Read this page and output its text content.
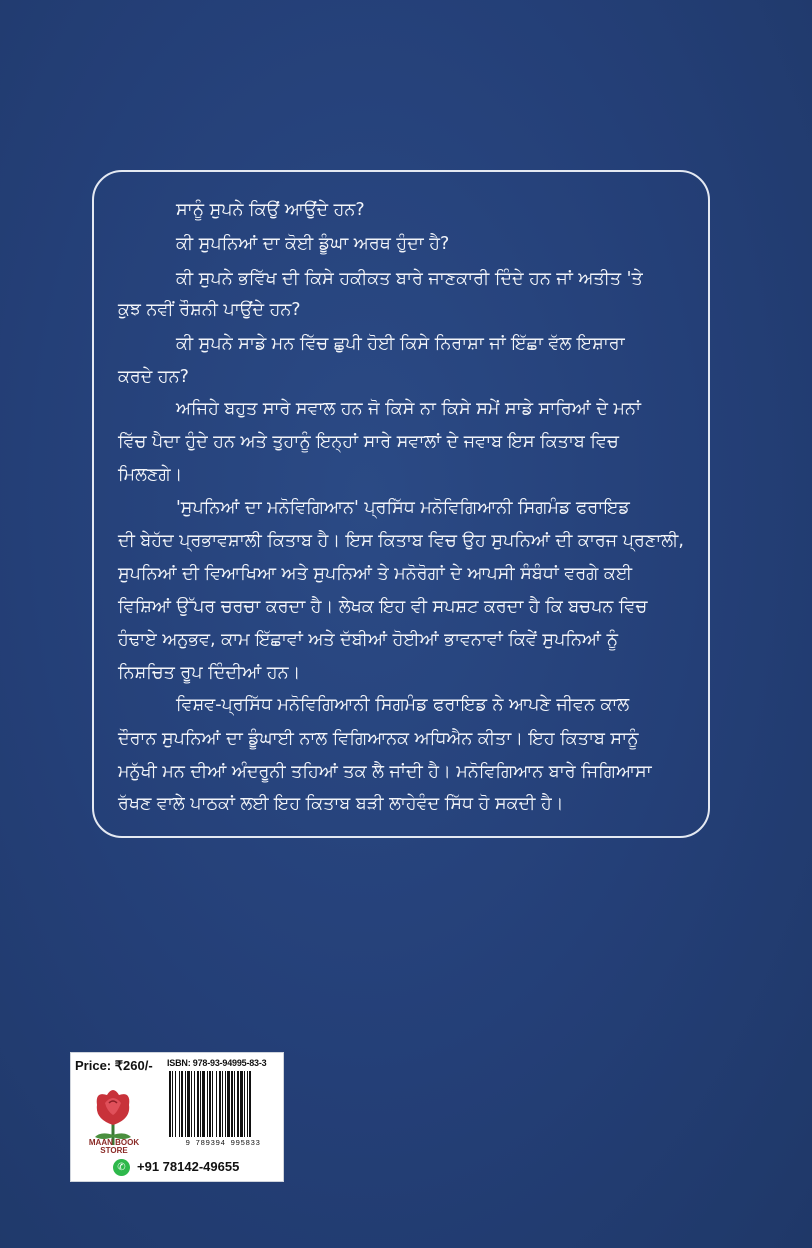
ਸਾਨੂੰ ਸੁਪਨੇ ਕਿਉਂ ਆਉਂਦੇ ਹਨ?
ਕੀ ਸੁਪਨਿਆਂ ਦਾ ਕੋਈ ਡੂੰਘਾ ਅਰਥ ਹੁੰਦਾ ਹੈ?
ਕੀ ਸੁਪਨੇ ਭਵਿੱਖ ਦੀ ਕਿਸੇ ਹਕੀਕਤ ਬਾਰੇ ਜਾਣਕਾਰੀ ਦਿੰਦੇ ਹਨ ਜਾਂ ਅਤੀਤ 'ਤੇ
ਕੁਝ ਨਵੀਂ ਰੌਸ਼ਨੀ ਪਾਉਂਦੇ ਹਨ?
ਕੀ ਸੁਪਨੇ ਸਾਡੇ ਮਨ ਵਿੱਚ ਛੁਪੀ ਹੋਈ ਕਿਸੇ ਨਿਰਾਸ਼ਾ ਜਾਂ ਇੱਛਾ ਵੱਲ ਇਸ਼ਾਰਾ
ਕਰਦੇ ਹਨ?
ਅਜਿਹੇ ਬਹੁਤ ਸਾਰੇ ਸਵਾਲ ਹਨ ਜੋ ਕਿਸੇ ਨਾ ਕਿਸੇ ਸਮੇਂ ਸਾਡੇ ਸਾਰਿਆਂ ਦੇ ਮਨਾਂ
ਵਿੱਚ ਪੈਦਾ ਹੁੰਦੇ ਹਨ ਅਤੇ ਤੁਹਾਨੂੰ ਇਨ੍ਹਾਂ ਸਾਰੇ ਸਵਾਲਾਂ ਦੇ ਜਵਾਬ ਇਸ ਕਿਤਾਬ ਵਿਚ
ਮਿਲਣਗੇ।
'ਸੁਪਨਿਆਂ ਦਾ ਮਨੋਵਿਗਿਆਨ' ਪ੍ਰਸਿੱਧ ਮਨੋਵਿਗਿਆਨੀ ਸਿਗਮੰਡ ਫਰਾਇਡ
ਦੀ ਬੇਹੱਦ ਪ੍ਰਭਾਵਸ਼ਾਲੀ ਕਿਤਾਬ ਹੈ। ਇਸ ਕਿਤਾਬ ਵਿਚ ਉਹ ਸੁਪਨਿਆਂ ਦੀ ਕਾਰਜ ਪ੍ਰਣਾਲੀ,
ਸੁਪਨਿਆਂ ਦੀ ਵਿਆਖਿਆ ਅਤੇ ਸੁਪਨਿਆਂ ਤੇ ਮਨੋਰੋਗਾਂ ਦੇ ਆਪਸੀ ਸੰਬੰਧਾਂ ਵਰਗੇ ਕਈ
ਵਿਸ਼ਿਆਂ ਉੱਪਰ ਚਰਚਾ ਕਰਦਾ ਹੈ। ਲੇਖਕ ਇਹ ਵੀ ਸਪਸ਼ਟ ਕਰਦਾ ਹੈ ਕਿ ਬਚਪਨ ਵਿਚ
ਹੰਢਾਏ ਅਨੁਭਵ, ਕਾਮ ਇੱਛਾਵਾਂ ਅਤੇ ਦੱਬੀਆਂ ਹੋਈਆਂ ਭਾਵਨਾਵਾਂ ਕਿਵੇਂ ਸੁਪਨਿਆਂ ਨੂੰ
ਨਿਸ਼ਚਿਤ ਰੂਪ ਦਿੰਦੀਆਂ ਹਨ।
ਵਿਸ਼ਵ-ਪ੍ਰਸਿੱਧ ਮਨੋਵਿਗਿਆਨੀ ਸਿਗਮੰਡ ਫਰਾਇਡ ਨੇ ਆਪਣੇ ਜੀਵਨ ਕਾਲ
ਦੌਰਾਨ ਸੁਪਨਿਆਂ ਦਾ ਡੂੰਘਾਈ ਨਾਲ ਵਿਗਿਆਨਕ ਅਧਿਐਨ ਕੀਤਾ। ਇਹ ਕਿਤਾਬ ਸਾਨੂੰ
ਮਨੁੱਖੀ ਮਨ ਦੀਆਂ ਅੰਦਰੂਨੀ ਤਹਿਆਂ ਤਕ ਲੈ ਜਾਂਦੀ ਹੈ। ਮਨੋਵਿਗਿਆਨ ਬਾਰੇ ਜਿਗਿਆਸਾ
ਰੱਖਣ ਵਾਲੇ ਪਾਠਕਾਂ ਲਈ ਇਹ ਕਿਤਾਬ ਬੜੀ ਲਾਹੇਵੰਦ ਸਿੱਧ ਹੋ ਸਕਦੀ ਹੈ।
Price: ₹260/- ISBN: 978-93-94995-83-3
MAAN BOOK STORE
9 789394 995833
✆ +91 78142-49655
